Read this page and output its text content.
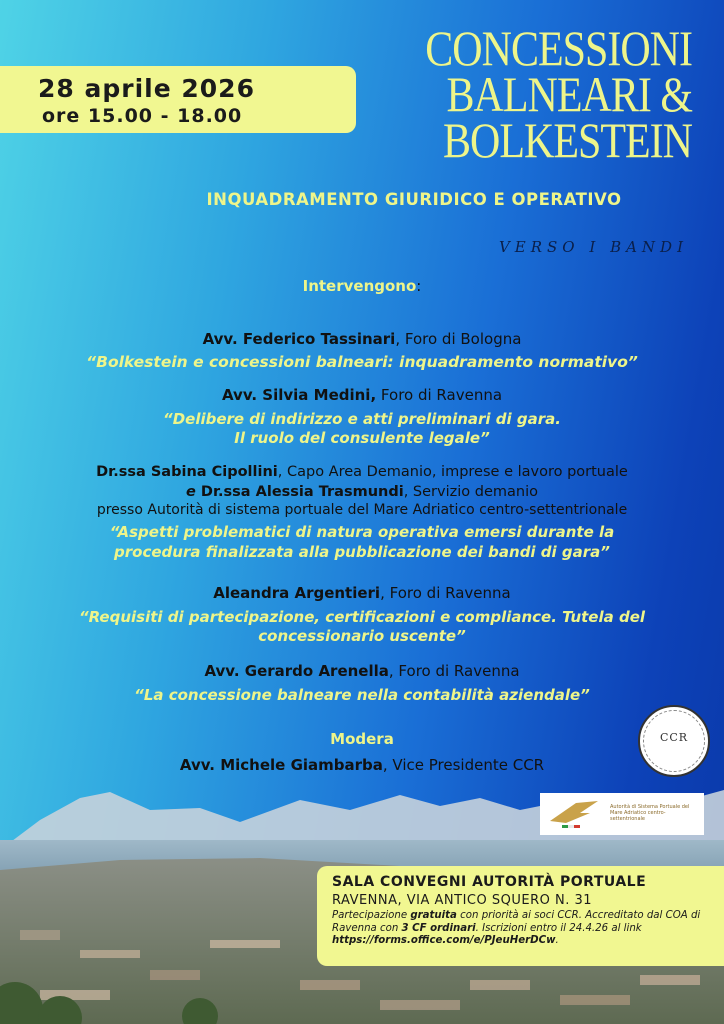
28 aprile 2026
ore 15.00 - 18.00
CONCESSIONI
BALNEARI &
BOLKESTEIN
INQUADRAMENTO GIURIDICO E OPERATIVO
VERSO I BANDI
Intervengono:
Avv. Federico Tassinari, Foro di Bologna
“Bolkestein e concessioni balneari: inquadramento normativo”
Avv. Silvia Medini, Foro di Ravenna
“Delibere di indirizzo e atti preliminari di gara.
Il ruolo del consulente legale”
Dr.ssa Sabina Cipollini, Capo Area Demanio, imprese e lavoro portuale
e Dr.ssa Alessia Trasmundi, Servizio demanio
presso Autorità di sistema portuale del Mare Adriatico centro-settentrionale
“Aspetti problematici di natura operativa emersi durante la
procedura finalizzata alla pubblicazione dei bandi di gara”
Aleandra Argentieri, Foro di Ravenna
“Requisiti di partecipazione, certificazioni e compliance. Tutela del
concessionario uscente”
Avv. Gerardo Arenella, Foro di Ravenna
“La concessione balneare nella contabilità aziendale”
Modera
Avv. Michele Giambarba, Vice Presidente CCR
CCR
Autorità di Sistema Portuale del Mare Adriatico centro-settentrionale
SALA CONVEGNI AUTORITÀ PORTUALE
RAVENNA, VIA ANTICO SQUERO N. 31
Partecipazione gratuita con priorità ai soci CCR. Accreditato dal COA di Ravenna con 3 CF ordinari. Iscrizioni entro il 24.4.26 al link https://forms.office.com/e/PJeuHerDCw.
